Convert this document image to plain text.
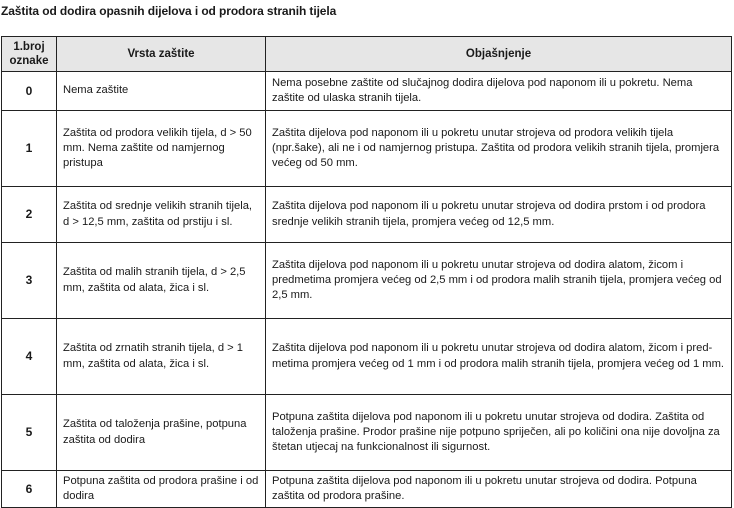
Zaštita od dodira opasnih dijelova i od prodora stranih tijela
1.broj oznake	Vrsta zaštite	Objašnjenje
0	Nema zaštite	Nema posebne zaštite od slučajnog dodira dijelova pod naponom ili u pokretu. Nema zaštite od ulaska stranih tijela.
1	Zaštita od prodora velikih tijela, d > 50 mm. Nema zaštite od namjernog pristupa	Zaštita dijelova pod naponom ili u pokretu unutar strojeva od prodora velikih tijela (npr.šake), ali ne i od namjernog pristupa. Zaštita od prodora velikih stranih tijela, promjera većeg od 50 mm.
2	Zaštita od srednje velikih stranih tijela, d > 12,5 mm, zaštita od prstiju i sl.	Zaštita dijelova pod naponom ili u pokretu unutar strojeva od dodira prstom i od prodora srednje velikih stranih tijela, promjera većeg od 12,5 mm.
3	Zaštita od malih stranih tijela, d > 2,5 mm, zaštita od alata, žica i sl.	Zaštita dijelova pod naponom ili u pokretu unutar strojeva od dodira alatom, žicom i predmetima promjera većeg od 2,5 mm i od prodora malih stranih tijela, promjera većeg od 2,5 mm.
4	Zaštita od zrnatih stranih tijela, d > 1 mm, zaštita od alata, žica i sl.	Zaštita dijelova pod naponom ili u pokretu unutar strojeva od dodira alatom, žicom i pred-metima promjera većeg od 1 mm i od prodora malih stranih tijela, promjera većeg od 1 mm.
5	Zaštita od taloženja prašine, potpuna zaštita od dodira	Potpuna zaštita dijelova pod naponom ili u pokretu unutar strojeva od dodira. Zaštita od taloženja prašine. Prodor prašine nije potpuno spriječen, ali po količini ona nije dovoljna za štetan utjecaj na funkcionalnost ili sigurnost.
6	Potpuna zaštita od prodora prašine i od dodira	Potpuna zaštita dijelova pod naponom ili u pokretu unutar strojeva od dodira. Potpuna zaštita od prodora prašine.
